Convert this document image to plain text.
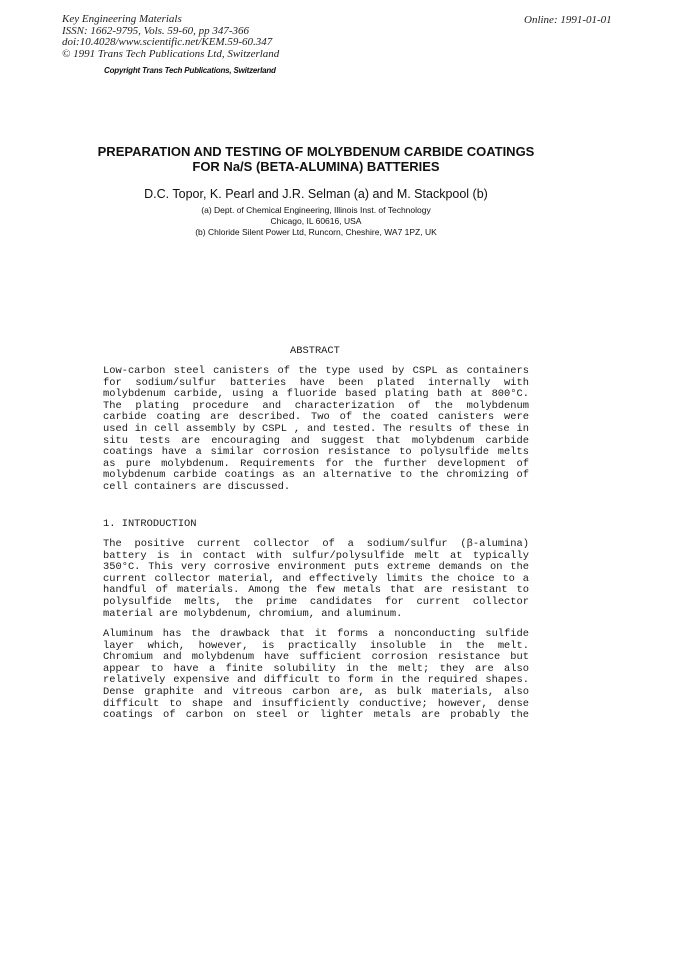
Key Engineering Materials
ISSN: 1662-9795, Vols. 59-60, pp 347-366
doi:10.4028/www.scientific.net/KEM.59-60.347
© 1991 Trans Tech Publications Ltd, Switzerland
Copyright Trans Tech Publications, Switzerland
Online: 1991-01-01
PREPARATION AND TESTING OF MOLYBDENUM CARBIDE COATINGS
FOR Na/S (BETA-ALUMINA) BATTERIES
D.C. Topor, K. Pearl and J.R. Selman (a) and M. Stackpool (b)
(a) Dept. of Chemical Engineering, Illinois Inst. of Technology
Chicago, IL 60616, USA
(b) Chloride Silent Power Ltd, Runcorn, Cheshire, WA7 1PZ, UK
ABSTRACT
Low-carbon steel canisters of the type used by CSPL as containers
for sodium/sulfur batteries have been plated internally with
molybdenum carbide, using a fluoride based plating bath at 800°C.
The plating procedure and characterization of the molybdenum
carbide coating are described. Two of the coated canisters were
used in cell assembly by CSPL , and tested. The results of these in
situ tests are encouraging and suggest that molybdenum carbide
coatings have a similar corrosion resistance to polysulfide melts
as pure molybdenum. Requirements for the further development of
molybdenum carbide coatings as an alternative to the chromizing of
cell containers are discussed.
1. INTRODUCTION
The positive current collector of a sodium/sulfur (β-alumina)
battery is in contact with sulfur/polysulfide melt at typically
350°C. This very corrosive environment puts extreme demands on the
current collector material, and effectively limits the choice to a
handful of materials. Among the few metals that are resistant to
polysulfide melts, the prime candidates for current collector
material are molybdenum, chromium, and aluminum.
Aluminum has the drawback that it forms a nonconducting sulfide
layer which, however, is practically insoluble in the melt.
Chromium and molybdenum have sufficient corrosion resistance but
appear to have a finite solubility in the melt; they are also
relatively expensive and difficult to form in the required shapes.
Dense graphite and vitreous carbon are, as bulk materials, also
difficult to shape and insufficiently conductive; however, dense
coatings of carbon on steel or lighter metals are probably the
